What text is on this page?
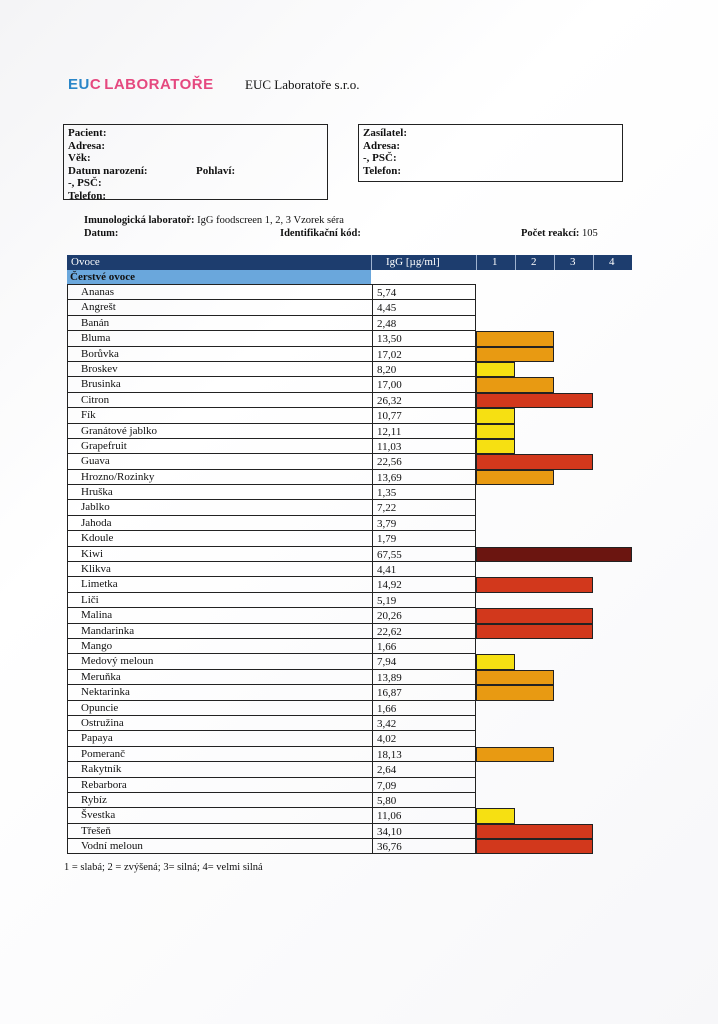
EUC LABORATOŘE EUC Laboratoře s.r.o.
Pacient:
Adresa:
Věk:
Datum narození:	Pohlaví:
-, PSČ:
Telefon:
Zasílatel:
Adresa:
-, PSČ:
Telefon:
Imunologická laboratoř: IgG foodscreen 1, 2, 3 Vzorek séra
Datum:	Identifikační kód:	Počet reakcí: 105
Ovoce	IgG [µg/ml]	1	2	3	4
Čerstvé ovoce
Ananas	5,74
Angrešt	4,45
Banán	2,48
Bluma	13,50
Borůvka	17,02
Broskev	8,20
Brusinka	17,00
Citron	26,32
Fík	10,77
Granátové jablko	12,11
Grapefruit	11,03
Guava	22,56
Hrozno/Rozinky	13,69
Hruška	1,35
Jablko	7,22
Jahoda	3,79
Kdoule	1,79
Kiwi	67,55
Klikva	4,41
Limetka	14,92
Liči	5,19
Malina	20,26
Mandarinka	22,62
Mango	1,66
Medový meloun	7,94
Meruňka	13,89
Nektarinka	16,87
Opuncie	1,66
Ostružina	3,42
Papaya	4,02
Pomeranč	18,13
Rakytník	2,64
Rebarbora	7,09
Rybíz	5,80
Švestka	11,06
Třešeň	34,10
Vodní meloun	36,76
1 = slabá; 2 = zvýšená; 3= silná; 4= velmi silná
